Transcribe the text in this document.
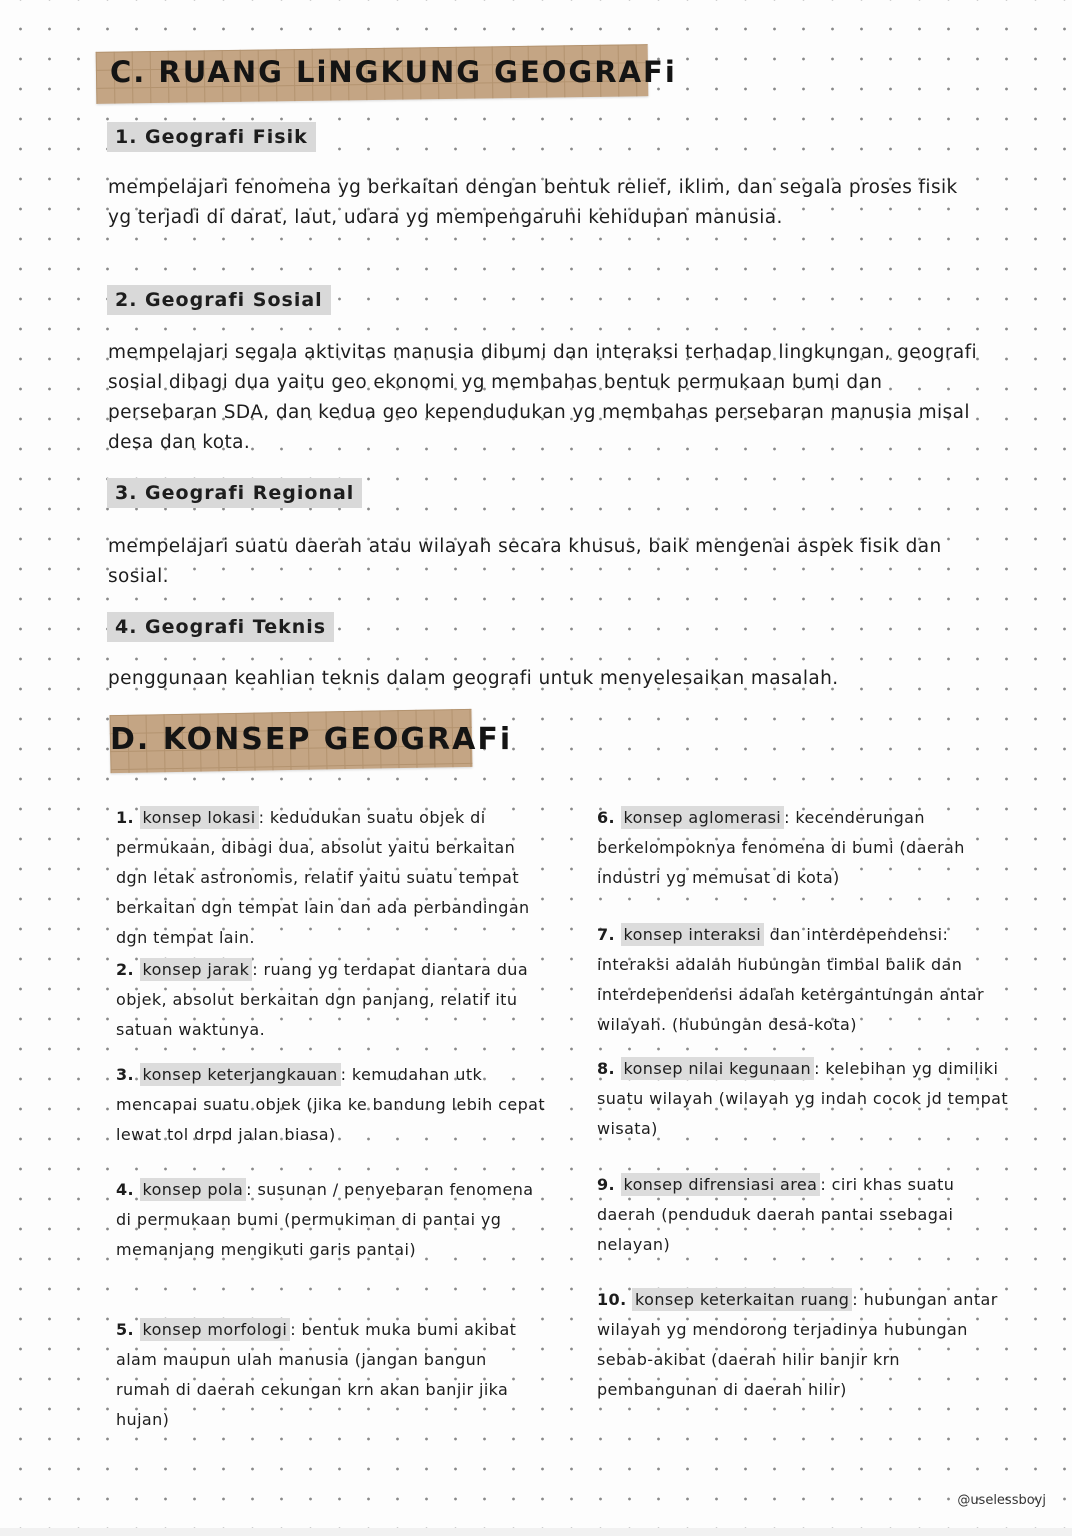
C. RUANG LiNGKUNG GEOGRAFi
1. Geografi Fisik

mempelajari fenomena yg berkaitan dengan bentuk relief, iklim, dan segala proses fisik yg terjadi di darat, laut, udara yg mempengaruhi kehidupan manusia.

2. Geografi Sosial

mempelajari segala aktivitas manusia dibumi dan interaksi terhadap lingkungan, geografi sosial dibagi dua yaitu geo ekonomi yg membahas bentuk permukaan bumi dan persebaran SDA, dan kedua geo kependudukan yg membahas persebaran manusia misal desa dan kota.

3. Geografi Regional

mempelajari suatu daerah atau wilayah secara khusus, baik mengenai aspek fisik dan sosial.

4. Geografi Teknis

penggunaan keahlian teknis dalam geografi untuk menyelesaikan masalah.

D. KONSEP GEOGRAFi

1. konsep lokasi : kedudukan suatu objek di permukaan, dibagi dua, absolut yaitu berkaitan dgn letak astronomis, relatif yaitu suatu tempat berkaitan dgn tempat lain dan ada perbandingan dgn tempat lain.

2. konsep jarak : ruang yg terdapat diantara dua objek, absolut berkaitan dgn panjang, relatif itu satuan waktunya.

3. konsep keterjangkauan : kemudahan utk mencapai suatu objek (jika ke bandung lebih cepat lewat tol drpd jalan biasa)

4. konsep pola : susunan / penyebaran fenomena di permukaan bumi (permukiman di pantai yg memanjang mengikuti garis pantai)

5. konsep morfologi : bentuk muka bumi akibat alam maupun ulah manusia (jangan bangun rumah di daerah cekungan krn akan banjir jika hujan)

6. konsep aglomerasi : kecenderungan berkelompoknya fenomena di bumi (daerah industri yg memusat di kota)

7. konsep interaksi dan interdependensi: interaksi adalah hubungan timbal balik dan interdependensi adalah ketergantungan antar wilayah. (hubungan desa-kota)

8. konsep nilai kegunaan : kelebihan yg dimiliki suatu wilayah (wilayah yg indah cocok jd tempat wisata)

9. konsep difrensiasi area : ciri khas suatu daerah (penduduk daerah pantai ssebagai nelayan)

10. konsep keterkaitan ruang : hubungan antar wilayah yg mendorong terjadinya hubungan sebab-akibat (daerah hilir banjir krn pembangunan di daerah hilir)

@uselessboyj
